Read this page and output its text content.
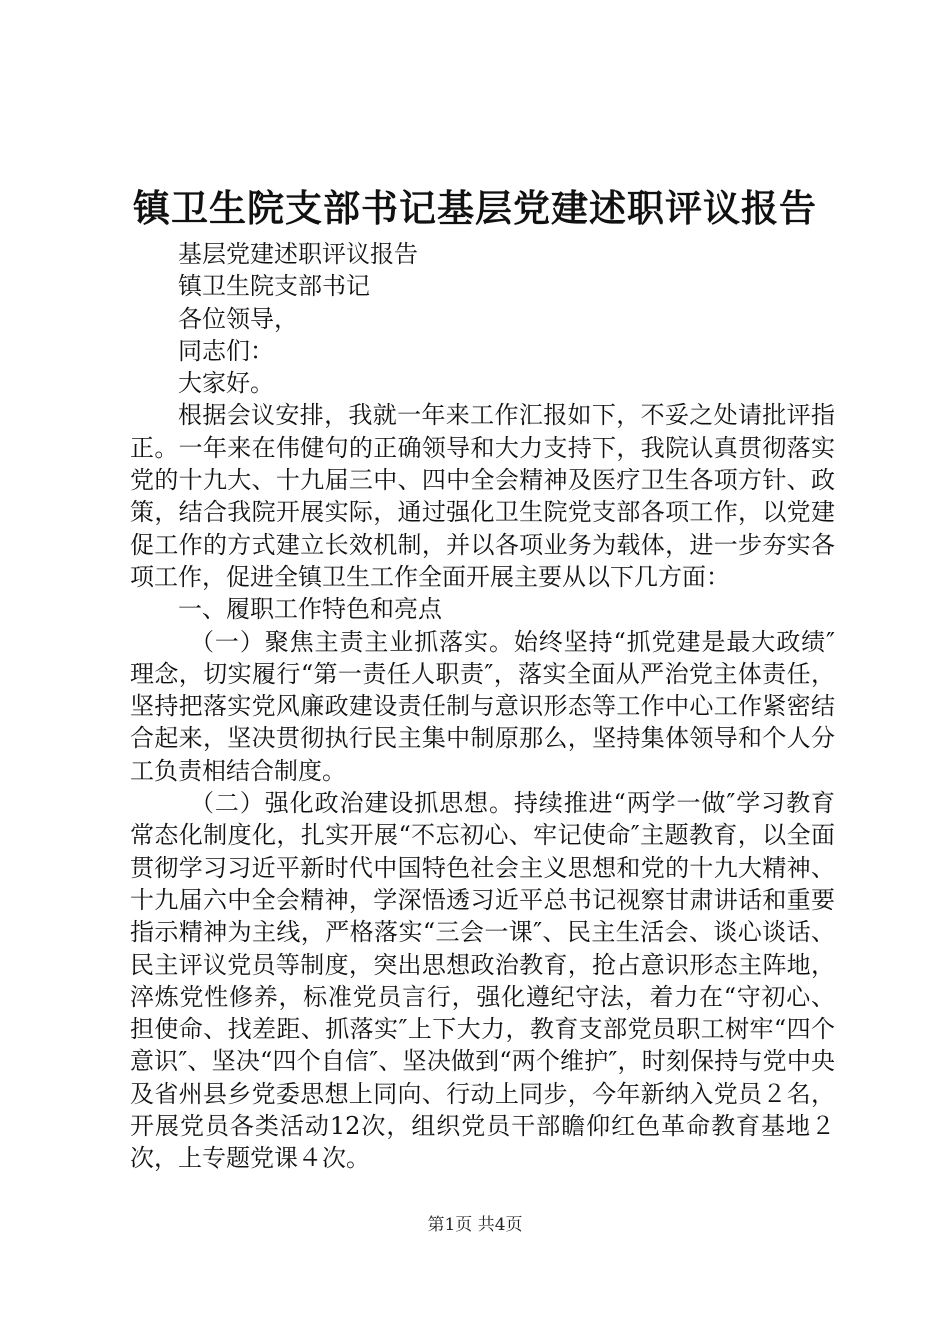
镇卫生院支部书记基层党建述职评议报告

基层党建述职评议报告

镇卫生院支部书记

各位领导，

同志们：

大家好。

根据会议安排，我就一年来工作汇报如下，不妥之处请批评指正。一年来在伟健句的正确领导和大力支持下，我院认真贯彻落实党的十九大、十九届三中、四中全会精神及医疗卫生各项方针、政策，结合我院开展实际，通过强化卫生院党支部各项工作，以党建促工作的方式建立长效机制，并以各项业务为载体，进一步夯实各项工作，促进全镇卫生工作全面开展主要从以下几方面：

一、履职工作特色和亮点

（一）聚焦主责主业抓落实。始终坚持“抓党建是最大政绩″理念，切实履行“第一责任人职责″，落实全面从严治党主体责任，坚持把落实党风廉政建设责任制与意识形态等工作中心工作紧密结合起来，坚决贯彻执行民主集中制原那么，坚持集体领导和个人分工负责相结合制度。

（二）强化政治建设抓思想。持续推进“两学一做″学习教育常态化制度化，扎实开展“不忘初心、牢记使命″主题教育，以全面贯彻学习习近平新时代中国特色社会主义思想和党的十九大精神、十九届六中全会精神，学深悟透习近平总书记视察甘肃讲话和重要指示精神为主线，严格落实“三会一课″、民主生活会、谈心谈话、民主评议党员等制度，突出思想政治教育，抢占意识形态主阵地，淬炼党性修养，标准党员言行，强化遵纪守法，着力在“守初心、担使命、找差距、抓落实″上下大力，教育支部党员职工树牢“四个意识″、坚决“四个自信″、坚决做到“两个维护″，时刻保持与党中央及省州县乡党委思想上同向、行动上同步，今年新纳入党员２名，开展党员各类活动12次，组织党员干部瞻仰红色革命教育基地２次，上专题党课４次。

第1页 共4页
